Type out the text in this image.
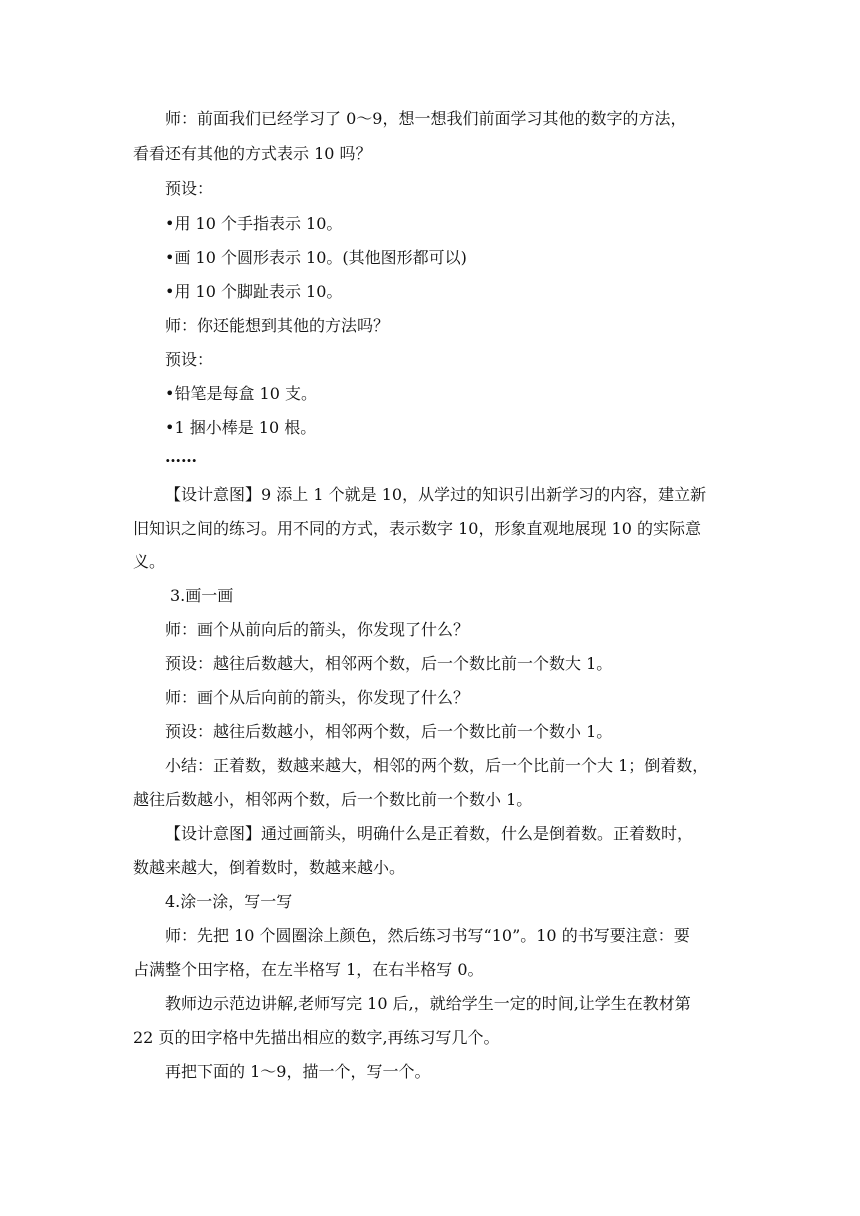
师：前面我们已经学习了 0～9，想一想我们前面学习其他的数字的方法，
看看还有其他的方式表示 10 吗？
预设：
•用 10 个手指表示 10。
•画 10 个圆形表示 10。(其他图形都可以)
•用 10 个脚趾表示 10。
师：你还能想到其他的方法吗？
预设：
•铅笔是每盒 10 支。
•1 捆小棒是 10 根。
……
【设计意图】9 添上 1 个就是 10，从学过的知识引出新学习的内容，建立新
旧知识之间的练习。用不同的方式，表示数字 10，形象直观地展现 10 的实际意
义。
3.画一画
师：画个从前向后的箭头，你发现了什么？
预设：越往后数越大，相邻两个数，后一个数比前一个数大 1。
师：画个从后向前的箭头，你发现了什么？
预设：越往后数越小，相邻两个数，后一个数比前一个数小 1。
小结：正着数，数越来越大，相邻的两个数，后一个比前一个大 1；倒着数，
越往后数越小，相邻两个数，后一个数比前一个数小 1。
【设计意图】通过画箭头，明确什么是正着数，什么是倒着数。正着数时，
数越来越大，倒着数时，数越来越小。
4.涂一涂，写一写
师：先把 10 个圆圈涂上颜色，然后练习书写“10”。10 的书写要注意：要
占满整个田字格，在左半格写 1，在右半格写 0。
教师边示范边讲解,老师写完 10 后,，就给学生一定的时间,让学生在教材第
22 页的田字格中先描出相应的数字,再练习写几个。
再把下面的 1～9，描一个，写一个。
